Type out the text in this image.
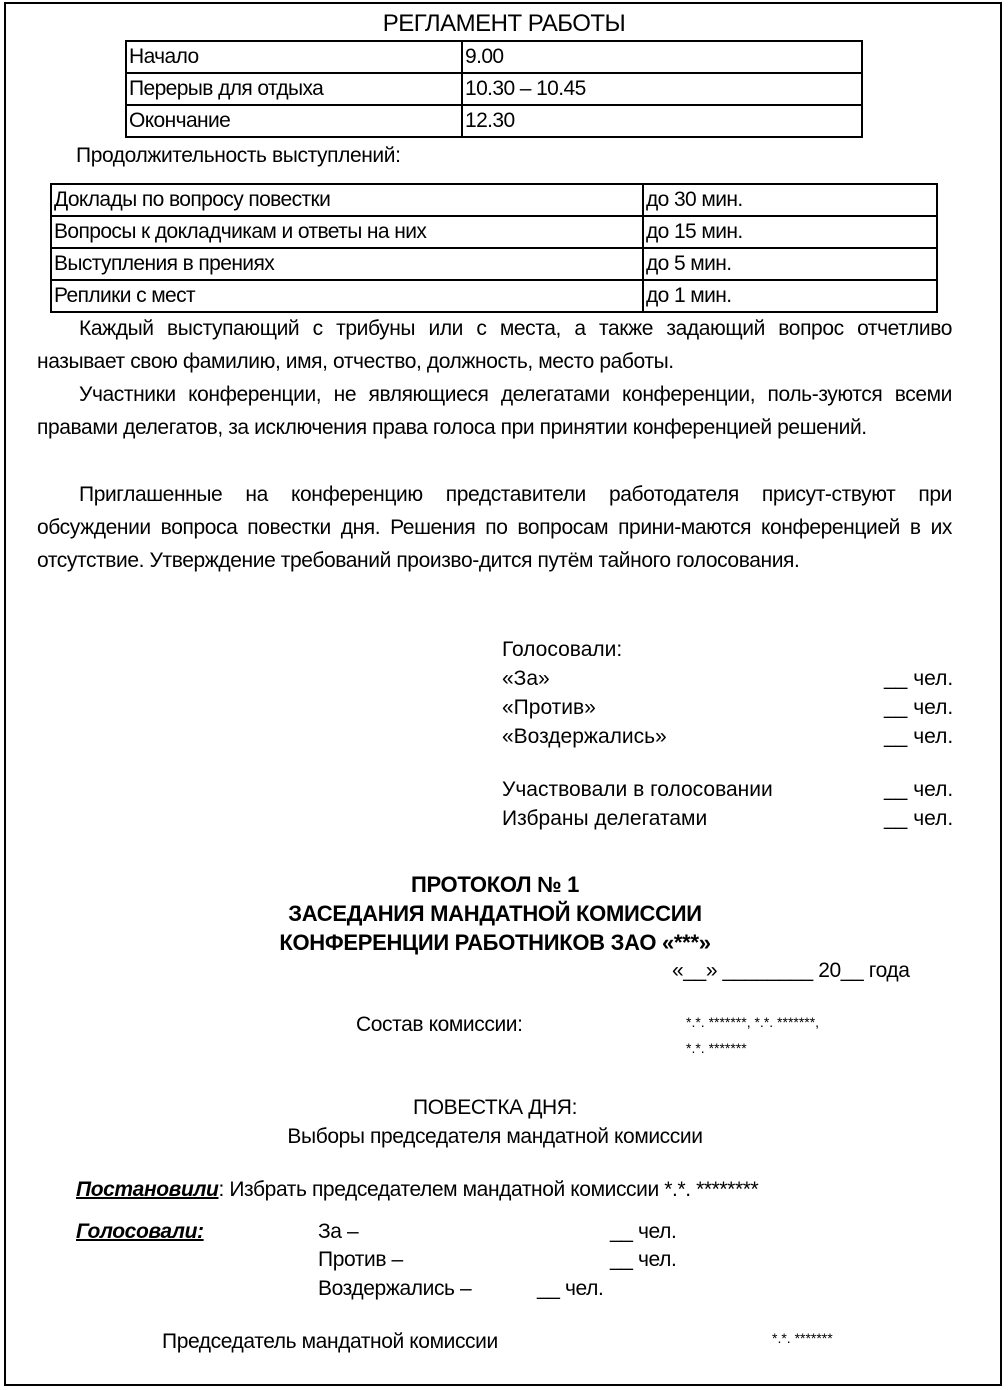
РЕГЛАМЕНТ РАБОТЫ
Начало	9.00
Перерыв для отдыха	10.30 – 10.45
Окончание	12.30
Продолжительность выступлений:
Доклады по вопросу повестки	до 30 мин.
Вопросы к докладчикам и ответы на них	до 15 мин.
Выступления в прениях	до 5 мин.
Реплики с мест	до 1 мин.
Каждый выступающий с трибуны или с места, а также задающий вопрос отчетливо называет свою фамилию, имя, отчество, должность, место работы.
Участники конференции, не являющиеся делегатами конференции, поль-зуются всеми правами делегатов, за исключения права голоса при принятии конференцией решений.
Приглашенные на конференцию представители работодателя присут-ствуют при обсуждении вопроса повестки дня. Решения по вопросам прини-маются конференцией в их отсутствие. Утверждение требований произво-дится путём тайного голосования.
Голосовали:
«За»	__ чел.
«Против»	__ чел.
«Воздержались»	__ чел.
Участвовали в голосовании	__ чел.
Избраны делегатами	__ чел.
ПРОТОКОЛ № 1
ЗАСЕДАНИЯ МАНДАТНОЙ КОМИССИИ
КОНФЕРЕНЦИИ РАБОТНИКОВ ЗАО «***»
«__» ________ 20__ года
Состав комиссии:	*.*. *******, *.*. *******,
*.*. *******
ПОВЕСТКА ДНЯ:
Выборы председателя мандатной комиссии
Постановили: Избрать председателем мандатной комиссии *.*. ********
Голосовали:	За –	__ чел.
Против –	__ чел.
Воздержались –	__ чел.
Председатель мандатной комиссии	*.*. *******
